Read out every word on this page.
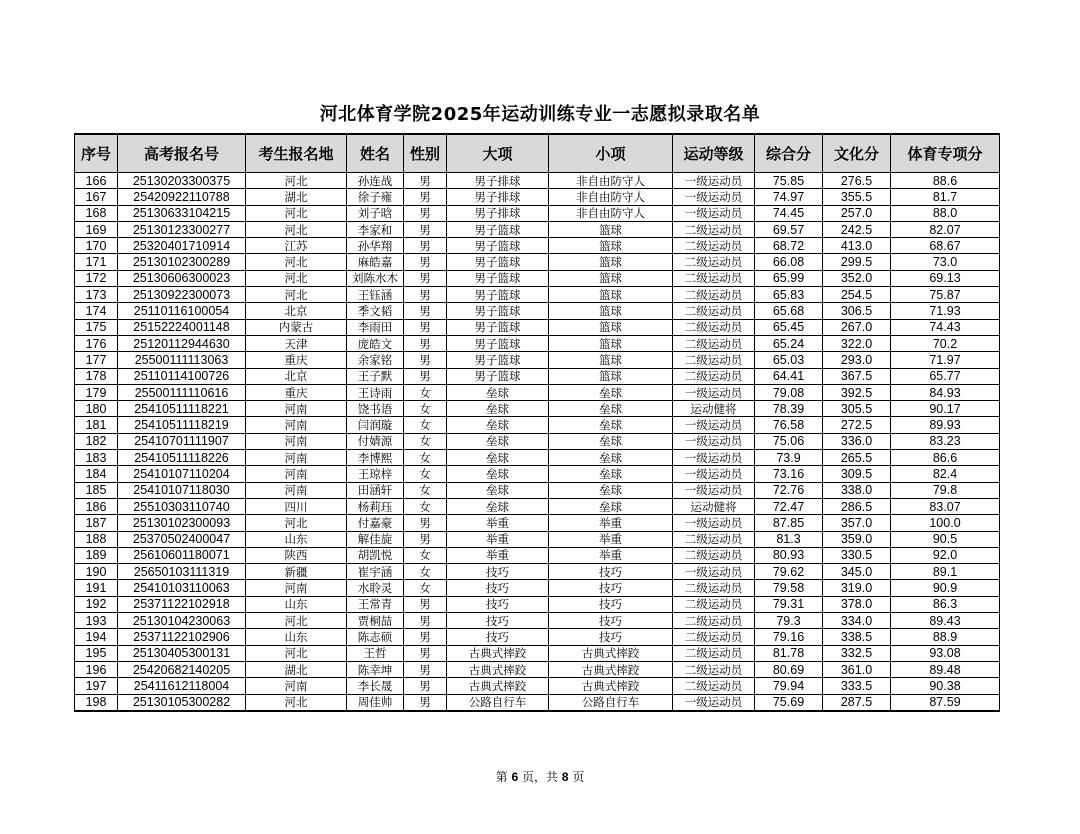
河北体育学院2025年运动训练专业一志愿拟录取名单
序号	高考报名号	考生报名地	姓名	性别	大项	小项	运动等级	综合分	文化分	体育专项分
166	25130203300375	河北	孙连战	男	男子排球	非自由防守人	一级运动员	75.85	276.5	88.6
167	25420922110788	湖北	徐子雍	男	男子排球	非自由防守人	一级运动员	74.97	355.5	81.7
168	25130633104215	河北	刘子晗	男	男子排球	非自由防守人	一级运动员	74.45	257.0	88.0
169	25130123300277	河北	李家和	男	男子篮球	篮球	二级运动员	69.57	242.5	82.07
170	25320401710914	江苏	孙华翔	男	男子篮球	篮球	二级运动员	68.72	413.0	68.67
171	25130102300289	河北	麻皓嘉	男	男子篮球	篮球	二级运动员	66.08	299.5	73.0
172	25130606300023	河北	刘陈水木	男	男子篮球	篮球	二级运动员	65.99	352.0	69.13
173	25130922300073	河北	王钰涵	男	男子篮球	篮球	二级运动员	65.83	254.5	75.87
174	25110116100054	北京	季文韬	男	男子篮球	篮球	二级运动员	65.68	306.5	71.93
175	25152224001148	内蒙古	李雨田	男	男子篮球	篮球	二级运动员	65.45	267.0	74.43
176	25120112944630	天津	庞皓文	男	男子篮球	篮球	二级运动员	65.24	322.0	70.2
177	25500111113063	重庆	余家铭	男	男子篮球	篮球	二级运动员	65.03	293.0	71.97
178	25110114100726	北京	王子默	男	男子篮球	篮球	二级运动员	64.41	367.5	65.77
179	25500111110616	重庆	王诗雨	女	垒球	垒球	一级运动员	79.08	392.5	84.93
180	25410511118221	河南	饶书语	女	垒球	垒球	运动健将	78.39	305.5	90.17
181	25410511118219	河南	闫润璇	女	垒球	垒球	一级运动员	76.58	272.5	89.93
182	25410701111907	河南	付婧源	女	垒球	垒球	一级运动员	75.06	336.0	83.23
183	25410511118226	河南	李博熙	女	垒球	垒球	一级运动员	73.9	265.5	86.6
184	25410107110204	河南	王琼梓	女	垒球	垒球	一级运动员	73.16	309.5	82.4
185	25410107118030	河南	田涵轩	女	垒球	垒球	一级运动员	72.76	338.0	79.8
186	25510303110740	四川	杨莉珏	女	垒球	垒球	运动健将	72.47	286.5	83.07
187	25130102300093	河北	付嘉豪	男	举重	举重	一级运动员	87.85	357.0	100.0
188	25370502400047	山东	解佳旋	男	举重	举重	二级运动员	81.3	359.0	90.5
189	25610601180071	陕西	胡凯悦	女	举重	举重	二级运动员	80.93	330.5	92.0
190	25650103111319	新疆	崔宇涵	女	技巧	技巧	一级运动员	79.62	345.0	89.1
191	25410103110063	河南	水聆灵	女	技巧	技巧	二级运动员	79.58	319.0	90.9
192	25371122102918	山东	王常青	男	技巧	技巧	二级运动员	79.31	378.0	86.3
193	25130104230063	河北	贾桐喆	男	技巧	技巧	二级运动员	79.3	334.0	89.43
194	25371122102906	山东	陈志硕	男	技巧	技巧	二级运动员	79.16	338.5	88.9
195	25130405300131	河北	王哲	男	古典式摔跤	古典式摔跤	二级运动员	81.78	332.5	93.08
196	25420682140205	湖北	陈幸坤	男	古典式摔跤	古典式摔跤	二级运动员	80.69	361.0	89.48
197	25411612118004	河南	李长晟	男	古典式摔跤	古典式摔跤	二级运动员	79.94	333.5	90.38
198	25130105300282	河北	周佳帅	男	公路自行车	公路自行车	一级运动员	75.69	287.5	87.59
第 6 页，共 8 页
